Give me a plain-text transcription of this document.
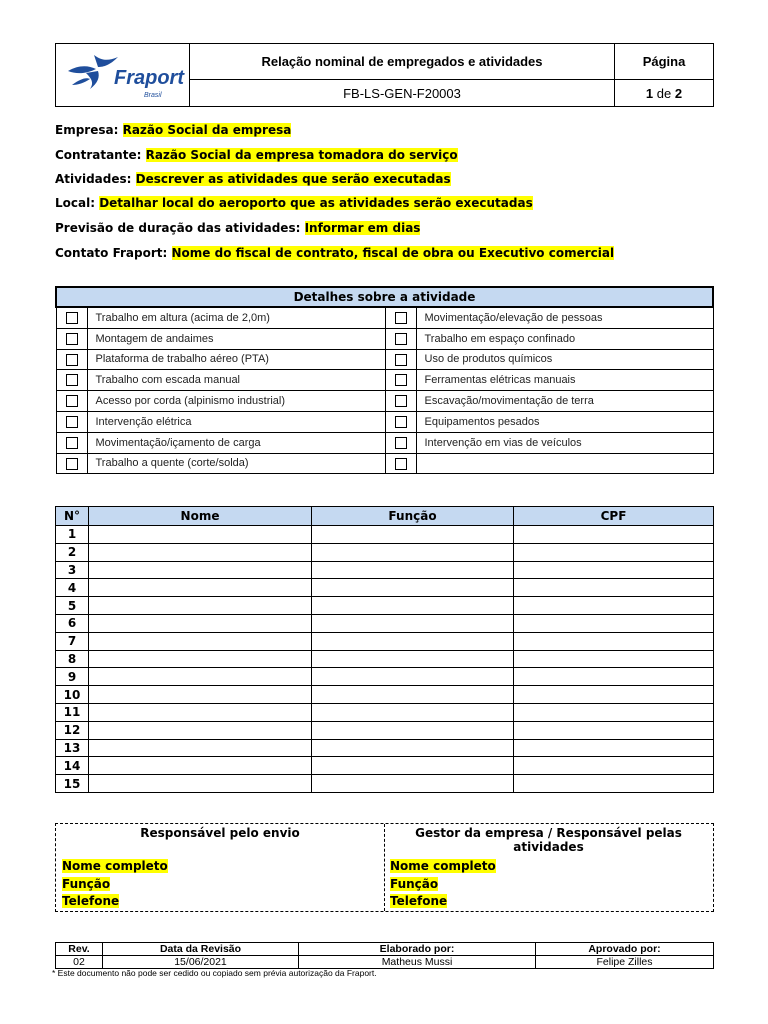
Fraport
Brasil	Relação nominal de empregados e atividades	Página
	FB-LS-GEN-F20003	1 de 2
Empresa: Razão Social da empresa
Contratante: Razão Social da empresa tomadora do serviço
Atividades: Descrever as atividades que serão executadas
Local: Detalhar local do aeroporto que as atividades serão executadas
Previsão de duração das atividades: Informar em dias
Contato Fraport: Nome do fiscal de contrato, fiscal de obra ou Executivo comercial
Detalhes sobre a atividade			
	Trabalho em altura (acima de 2,0m)		Movimentação/elevação de pessoas
	Montagem de andaimes		Trabalho em espaço confinado
	Plataforma de trabalho aéreo (PTA)		Uso de produtos químicos
	Trabalho com escada manual		Ferramentas elétricas manuais
	Acesso por corda (alpinismo industrial)		Escavação/movimentação de terra
	Intervenção elétrica		Equipamentos pesados
	Movimentação/içamento de carga		Intervenção em vias de veículos
	Trabalho a quente (corte/solda)		
N°	Nome	Função	CPF
1			
2			
3			
4			
5			
6			
7			
8			
9			
10			
11			
12			
13			
14			
15			
Responsável pelo envio
Nome completo
Função
Telefone
Gestor da empresa / Responsável pelas atividades
Nome completo
Função
Telefone
Rev.	Data da Revisão	Elaborado por:	Aprovado por:
02	15/06/2021	Matheus Mussi	Felipe Zilles
* Este documento não pode ser cedido ou copiado sem prévia autorização da Fraport.
